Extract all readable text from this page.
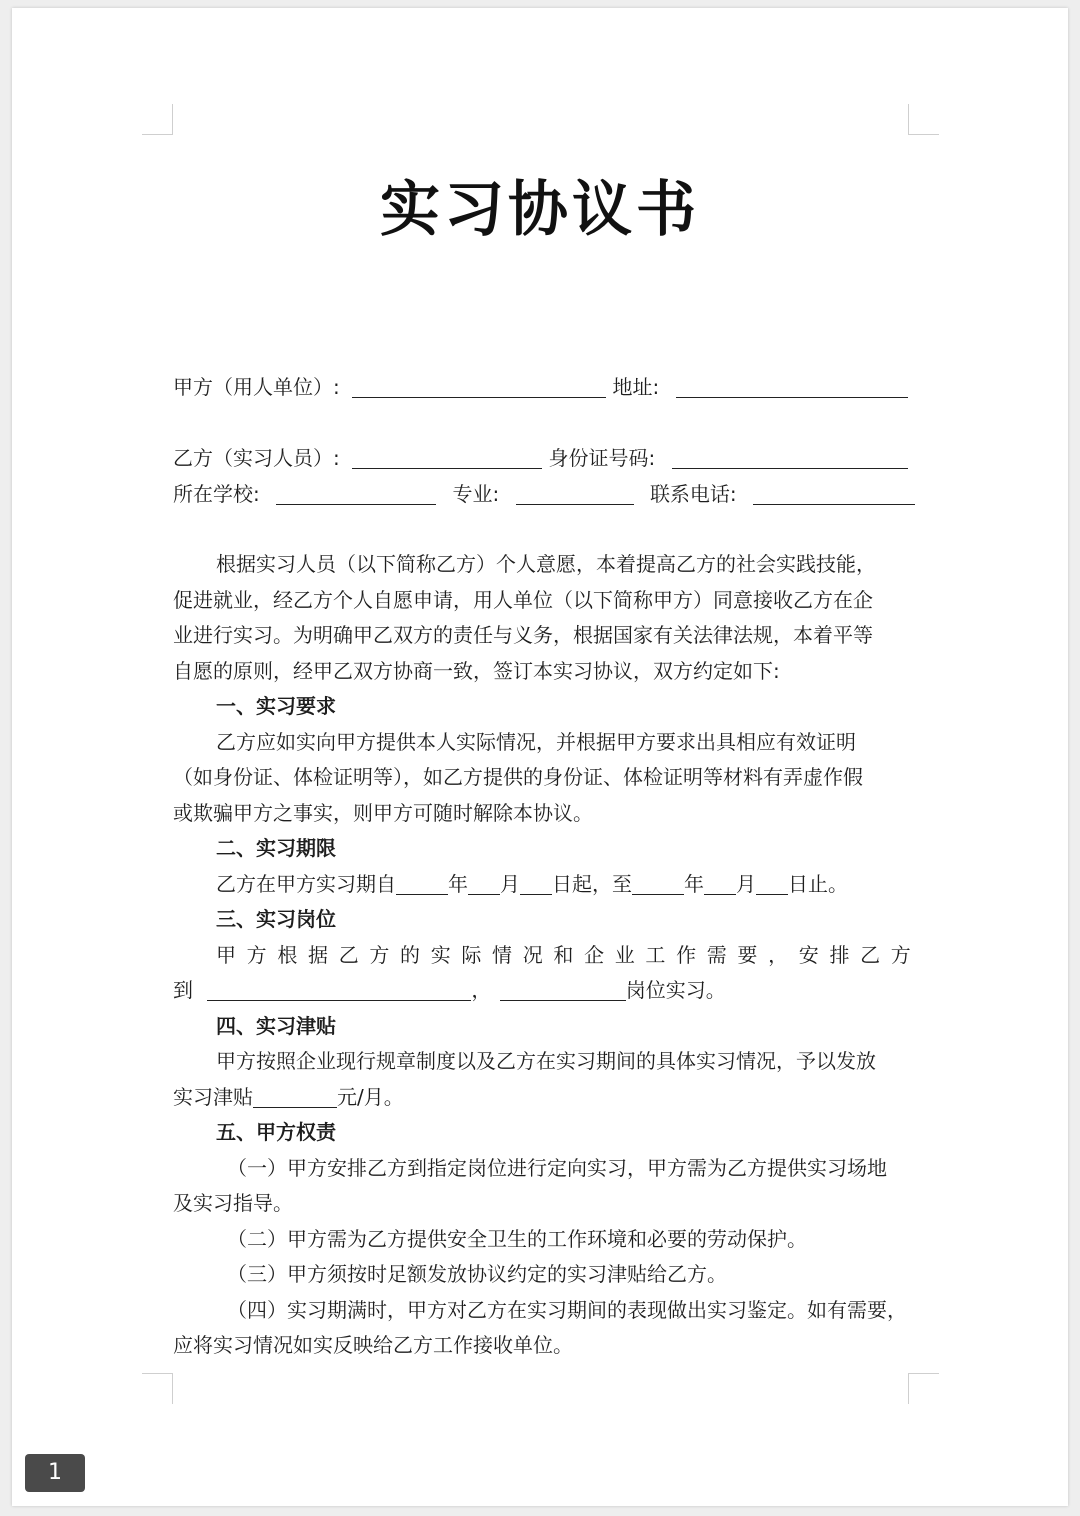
实习协议书
甲方（用人单位）:	地址:
乙方（实习人员）:	身份证号码:
所在学校:	专业:	联系电话:
根据实习人员（以下简称乙方）个人意愿，本着提高乙方的社会实践技能，
促进就业，经乙方个人自愿申请，用人单位（以下简称甲方）同意接收乙方在企
业进行实习。为明确甲乙双方的责任与义务，根据国家有关法律法规，本着平等
自愿的原则，经甲乙双方协商一致，签订本实习协议，双方约定如下:
一、实习要求
乙方应如实向甲方提供本人实际情况，并根据甲方要求出具相应有效证明
（如身份证、体检证明等），如乙方提供的身份证、体检证明等材料有弄虚作假
或欺骗甲方之事实，则甲方可随时解除本协议。
二、实习期限
乙方在甲方实习期自	年 月 日起，至	年 月 日止。
三、实习岗位
甲 方 根 据 乙 方 的 实 际 情 况 和 企 业 工 作 需 要 ， 安 排 乙 方
到	，	岗位实习。
四、实习津贴
甲方按照企业现行规章制度以及乙方在实习期间的具体实习情况，予以发放
实习津贴	元/月。
五、甲方权责
（一）甲方安排乙方到指定岗位进行定向实习，甲方需为乙方提供实习场地
及实习指导。
（二）甲方需为乙方提供安全卫生的工作环境和必要的劳动保护。
（三）甲方须按时足额发放协议约定的实习津贴给乙方。
（四）实习期满时，甲方对乙方在实习期间的表现做出实习鉴定。如有需要，
应将实习情况如实反映给乙方工作接收单位。
1
